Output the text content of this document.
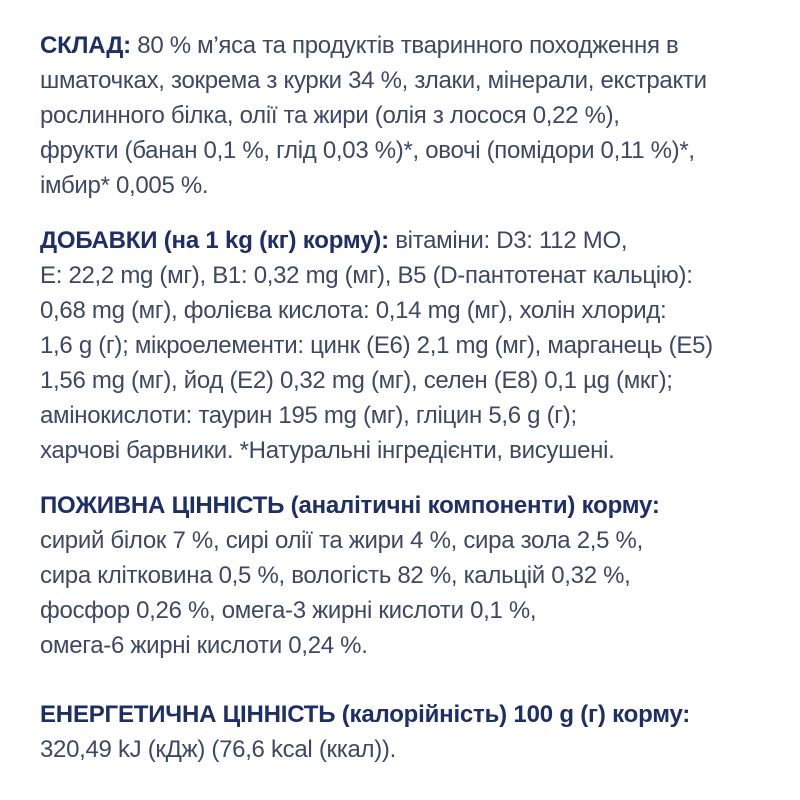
СКЛАД: 80 % м’яса та продуктів тваринного походження в
шматочках, зокрема з курки 34 %, злаки, мінерали, екстракти
рослинного білка, олії та жири (олія з лосося 0,22 %),
фрукти (банан 0,1 %, глід 0,03 %)*, овочі (помідори 0,11 %)*,
імбир* 0,005 %.

ДОБАВКИ (на 1 kg (кг) корму): вітаміни: D3: 112 МО,
E: 22,2 mg (мг), B1: 0,32 mg (мг), B5 (D-пантотенат кальцію):
0,68 mg (мг), фолієва кислота: 0,14 mg (мг), холін хлорид:
1,6 g (г); мікроелементи: цинк (E6) 2,1 mg (мг), марганець (E5)
1,56 mg (мг), йод (E2) 0,32 mg (мг), селен (E8) 0,1 µg (мкг);
амінокислоти: таурин 195 mg (мг), гліцин 5,6 g (г);
харчові барвники. *Натуральні інгредієнти, висушені.

ПОЖИВНА ЦІННІСТЬ (аналітичні компоненти) корму:
сирий білок 7 %, сирі олії та жири 4 %, сира зола 2,5 %,
сира клітковина 0,5 %, вологість 82 %, кальцій 0,32 %,
фосфор 0,26 %, омега-3 жирні кислоти 0,1 %,
омега-6 жирні кислоти 0,24 %.

ЕНЕРГЕТИЧНА ЦІННІСТЬ (калорійність) 100 g (г) корму:
320,49 kJ (кДж) (76,6 kcal (ккал)).
